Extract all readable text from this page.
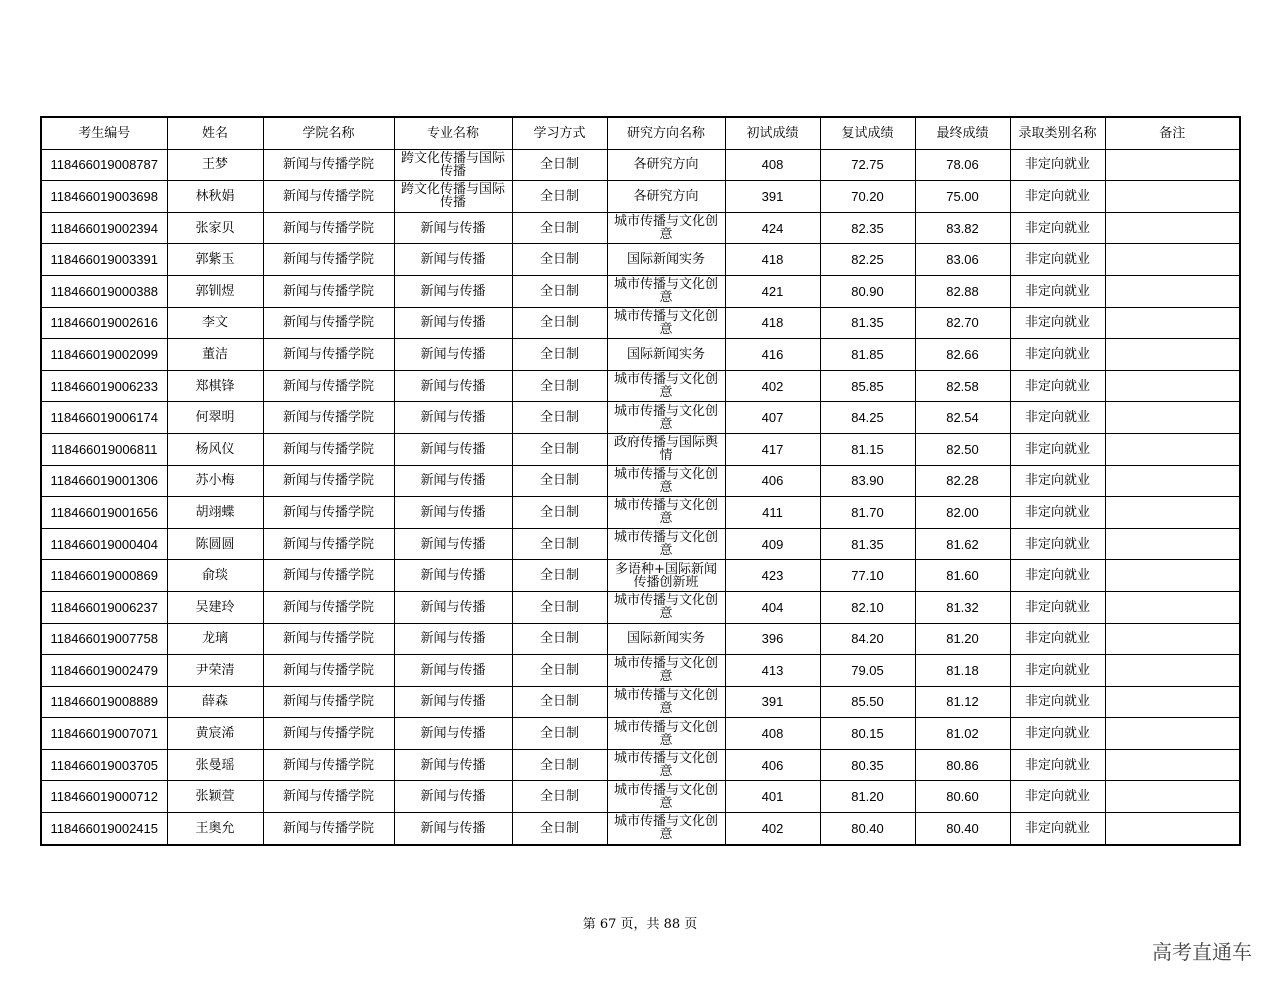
考生编号	姓名	学院名称	专业名称	学习方式	研究方向名称	初试成绩	复试成绩	最终成绩	录取类别名称	备注
118466019008787	王梦	新闻与传播学院	跨文化传播与国际传播	全日制	各研究方向	408	72.75	78.06	非定向就业	
118466019003698	林秋娟	新闻与传播学院	跨文化传播与国际传播	全日制	各研究方向	391	70.20	75.00	非定向就业	
118466019002394	张家贝	新闻与传播学院	新闻与传播	全日制	城市传播与文化创意	424	82.35	83.82	非定向就业	
118466019003391	郭紫玉	新闻与传播学院	新闻与传播	全日制	国际新闻实务	418	82.25	83.06	非定向就业	
118466019000388	郭钏煜	新闻与传播学院	新闻与传播	全日制	城市传播与文化创意	421	80.90	82.88	非定向就业	
118466019002616	李文	新闻与传播学院	新闻与传播	全日制	城市传播与文化创意	418	81.35	82.70	非定向就业	
118466019002099	董洁	新闻与传播学院	新闻与传播	全日制	国际新闻实务	416	81.85	82.66	非定向就业	
118466019006233	郑棋锋	新闻与传播学院	新闻与传播	全日制	城市传播与文化创意	402	85.85	82.58	非定向就业	
118466019006174	何翠明	新闻与传播学院	新闻与传播	全日制	城市传播与文化创意	407	84.25	82.54	非定向就业	
118466019006811	杨风仪	新闻与传播学院	新闻与传播	全日制	政府传播与国际舆情	417	81.15	82.50	非定向就业	
118466019001306	苏小梅	新闻与传播学院	新闻与传播	全日制	城市传播与文化创意	406	83.90	82.28	非定向就业	
118466019001656	胡翊蝶	新闻与传播学院	新闻与传播	全日制	城市传播与文化创意	411	81.70	82.00	非定向就业	
118466019000404	陈圆圆	新闻与传播学院	新闻与传播	全日制	城市传播与文化创意	409	81.35	81.62	非定向就业	
118466019000869	俞琰	新闻与传播学院	新闻与传播	全日制	多语种+国际新闻传播创新班	423	77.10	81.60	非定向就业	
118466019006237	吴建玲	新闻与传播学院	新闻与传播	全日制	城市传播与文化创意	404	82.10	81.32	非定向就业	
118466019007758	龙璃	新闻与传播学院	新闻与传播	全日制	国际新闻实务	396	84.20	81.20	非定向就业	
118466019002479	尹荣清	新闻与传播学院	新闻与传播	全日制	城市传播与文化创意	413	79.05	81.18	非定向就业	
118466019008889	薛森	新闻与传播学院	新闻与传播	全日制	城市传播与文化创意	391	85.50	81.12	非定向就业	
118466019007071	黄宸浠	新闻与传播学院	新闻与传播	全日制	城市传播与文化创意	408	80.15	81.02	非定向就业	
118466019003705	张曼瑶	新闻与传播学院	新闻与传播	全日制	城市传播与文化创意	406	80.35	80.86	非定向就业	
118466019000712	张颖萱	新闻与传播学院	新闻与传播	全日制	城市传播与文化创意	401	81.20	80.60	非定向就业	
118466019002415	王奥允	新闻与传播学院	新闻与传播	全日制	城市传播与文化创意	402	80.40	80.40	非定向就业	
第 67 页，共 88 页
高考直通车
